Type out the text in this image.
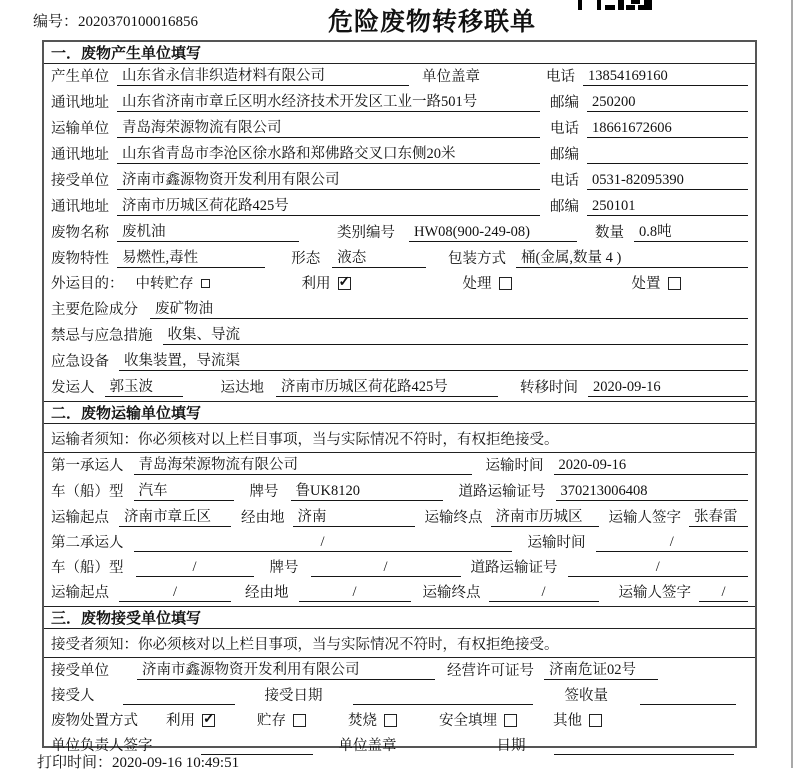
编号：2020370100016856	危险废物转移联单
一．废物产生单位填写
产生单位 山东省永信非织造材料有限公司	单位盖章	电话 13854169160
通讯地址 山东省济南市章丘区明水经济技术开发区工业一路501号	邮编 250200
运输单位 青岛海荣源物流有限公司	电话 18661672606
通讯地址 山东省青岛市李沧区徐水路和郑佛路交叉口东侧20米	邮编
接受单位 济南市鑫源物资开发利用有限公司	电话 0531-82095390
通讯地址 济南市历城区荷花路425号	邮编 250101
废物名称 废机油	类别编号	HW08(900-249-08)	数量	0.8吨
废物特性 易燃性,毒性	形态	液态	包装方式	桶(金属,数量 4 )
外运目的： 中转贮存	利用 ✓	处理	处置
主要危险成分	废矿物油
禁忌与应急措施	收集、导流
应急设备	收集装置，导流渠
发运人	郭玉波	运达地	济南市历城区荷花路425号	转移时间	2020-09-16
二．废物运输单位填写
运输者须知：你必须核对以上栏目事项，当与实际情况不符时，有权拒绝接受。
第一承运人	青岛海荣源物流有限公司	运输时间	2020-09-16
车（船）型	汽车	牌号	鲁UK8120	道路运输证号	370213006408
运输起点	济南市章丘区	经由地 济南	运输终点 济南市历城区	运输人签字 张春雷
第二承运人	/	运输时间	/
车（船）型	/	牌号	/	道路运输证号	/
运输起点	/	经由地	/	运输终点	/	运输人签字	/
三．废物接受单位填写
接受者须知：你必须核对以上栏目事项，当与实际情况不符时，有权拒绝接受。
接受单位	济南市鑫源物资开发利用有限公司	经营许可证号	济南危证02号
接受人	接受日期	签收量
废物处置方式 利用 ✓	贮存	焚烧	安全填埋	其他
单位负责人签字	单位盖章	日期
打印时间：2020-09-16 10:49:51
